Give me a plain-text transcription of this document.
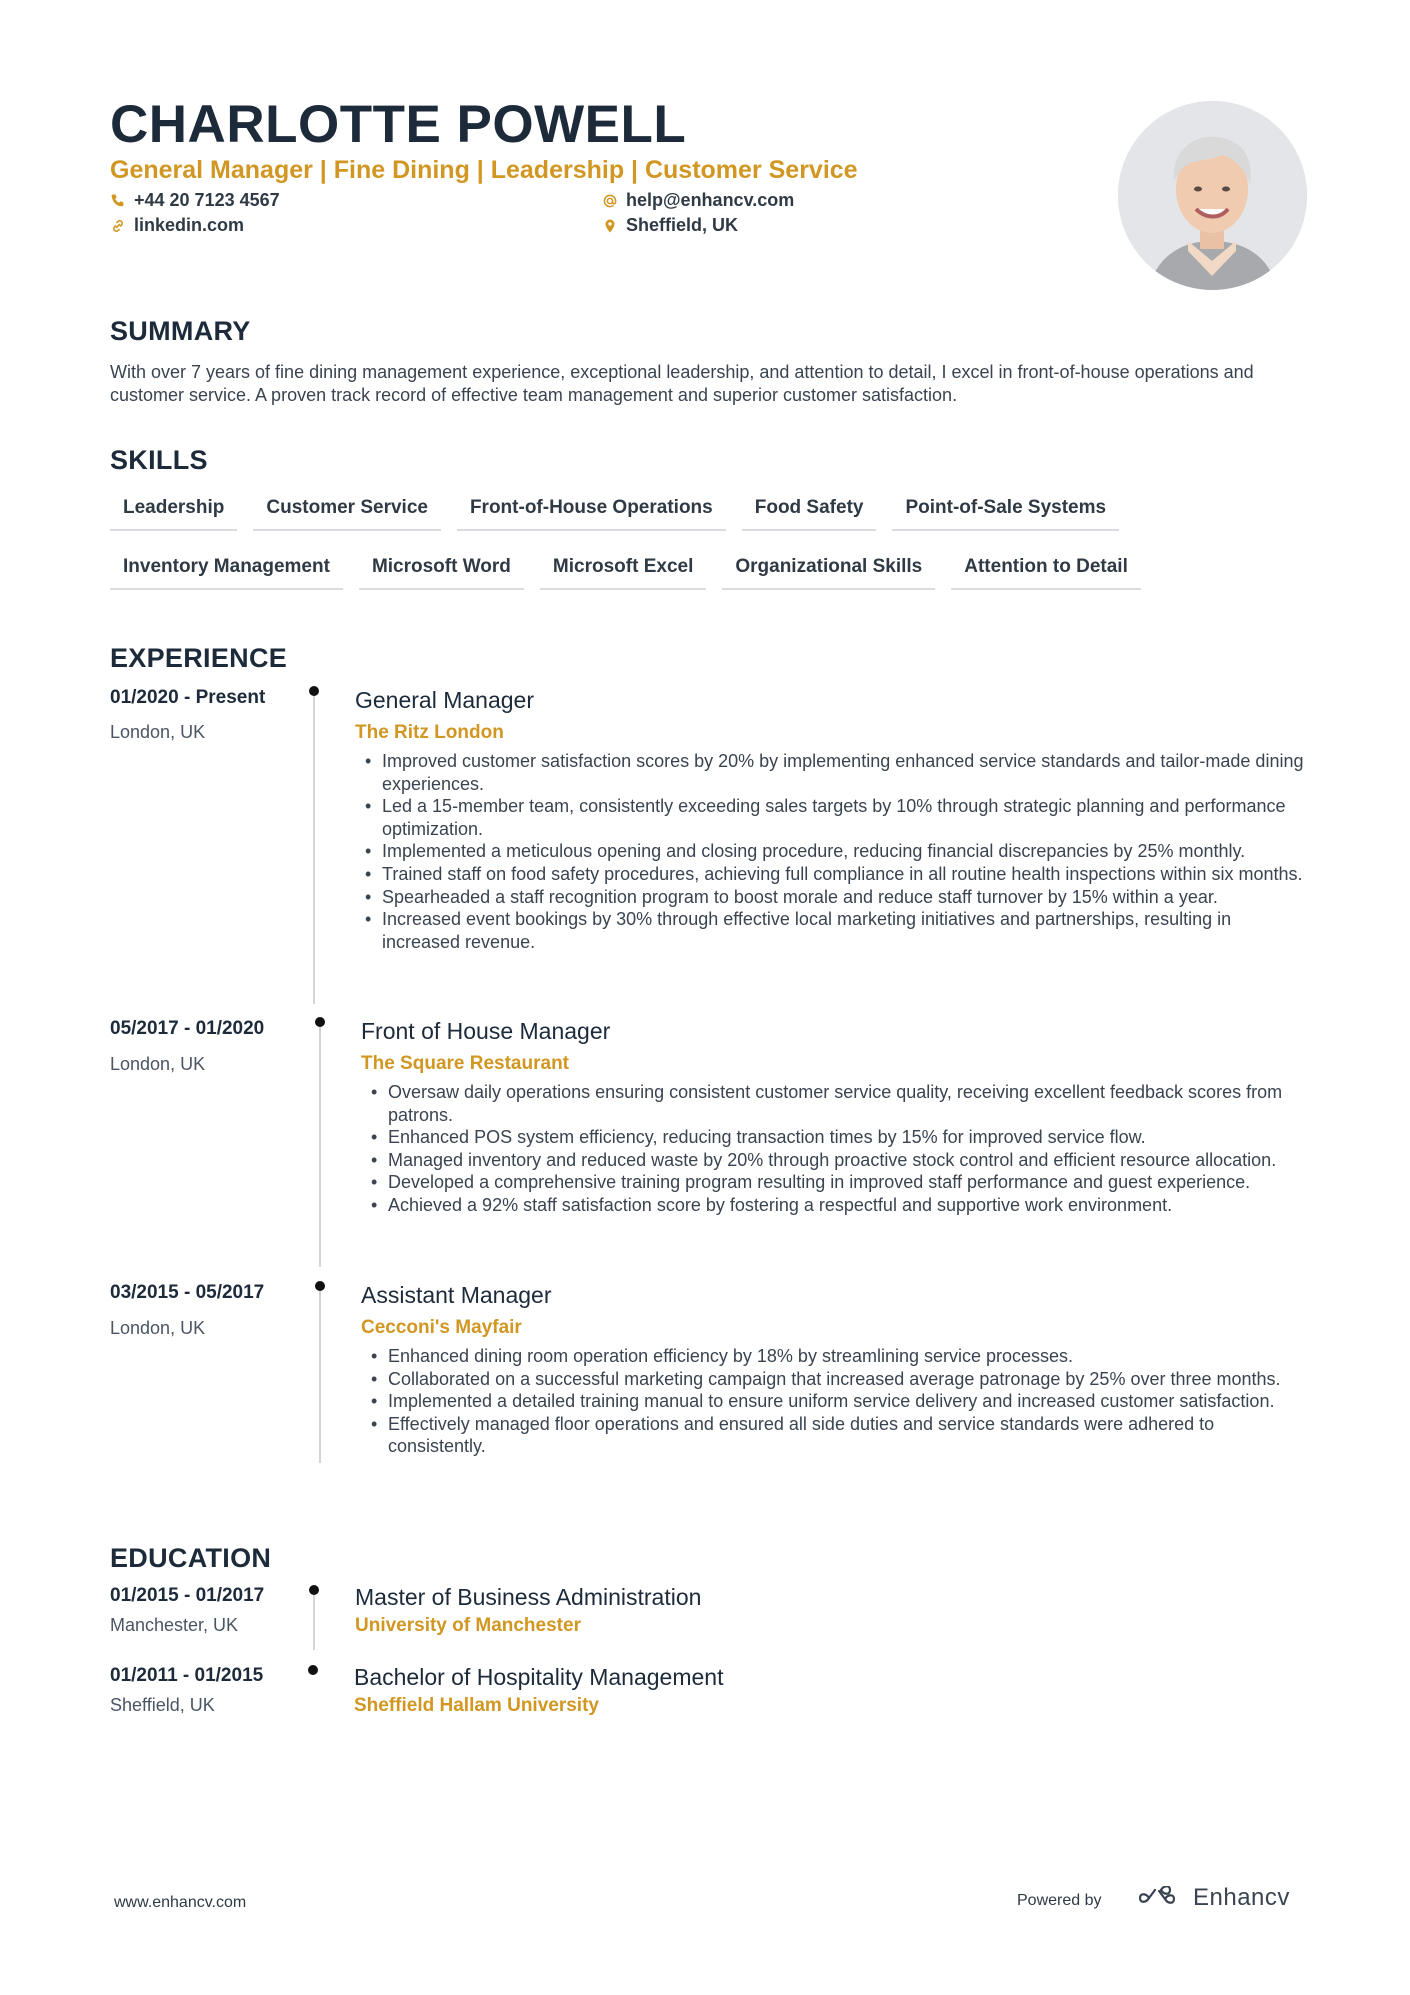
CHARLOTTE POWELL
General Manager | Fine Dining | Leadership | Customer Service
+44 20 7123 4567
linkedin.com
help@enhancv.com
Sheffield, UK
SUMMARY
With over 7 years of fine dining management experience, exceptional leadership, and attention to detail, I excel in front-of-house operations and customer service. A proven track record of effective team management and superior customer satisfaction.
SKILLS
Leadership	Customer Service	Front-of-House Operations	Food Safety	Point-of-Sale Systems
Inventory Management	Microsoft Word	Microsoft Excel	Organizational Skills	Attention to Detail
EXPERIENCE
01/2020 - Present
London, UK
General Manager
The Ritz London
• Improved customer satisfaction scores by 20% by implementing enhanced service standards and tailor-made dining experiences.
• Led a 15-member team, consistently exceeding sales targets by 10% through strategic planning and performance optimization.
• Implemented a meticulous opening and closing procedure, reducing financial discrepancies by 25% monthly.
• Trained staff on food safety procedures, achieving full compliance in all routine health inspections within six months.
• Spearheaded a staff recognition program to boost morale and reduce staff turnover by 15% within a year.
• Increased event bookings by 30% through effective local marketing initiatives and partnerships, resulting in increased revenue.
05/2017 - 01/2020
London, UK
Front of House Manager
The Square Restaurant
• Oversaw daily operations ensuring consistent customer service quality, receiving excellent feedback scores from patrons.
• Enhanced POS system efficiency, reducing transaction times by 15% for improved service flow.
• Managed inventory and reduced waste by 20% through proactive stock control and efficient resource allocation.
• Developed a comprehensive training program resulting in improved staff performance and guest experience.
• Achieved a 92% staff satisfaction score by fostering a respectful and supportive work environment.
03/2015 - 05/2017
London, UK
Assistant Manager
Cecconi's Mayfair
• Enhanced dining room operation efficiency by 18% by streamlining service processes.
• Collaborated on a successful marketing campaign that increased average patronage by 25% over three months.
• Implemented a detailed training manual to ensure uniform service delivery and increased customer satisfaction.
• Effectively managed floor operations and ensured all side duties and service standards were adhered to consistently.
EDUCATION
01/2015 - 01/2017
Manchester, UK
Master of Business Administration
University of Manchester
01/2011 - 01/2015
Sheffield, UK
Bachelor of Hospitality Management
Sheffield Hallam University
www.enhancv.com	Powered by	Enhancv
